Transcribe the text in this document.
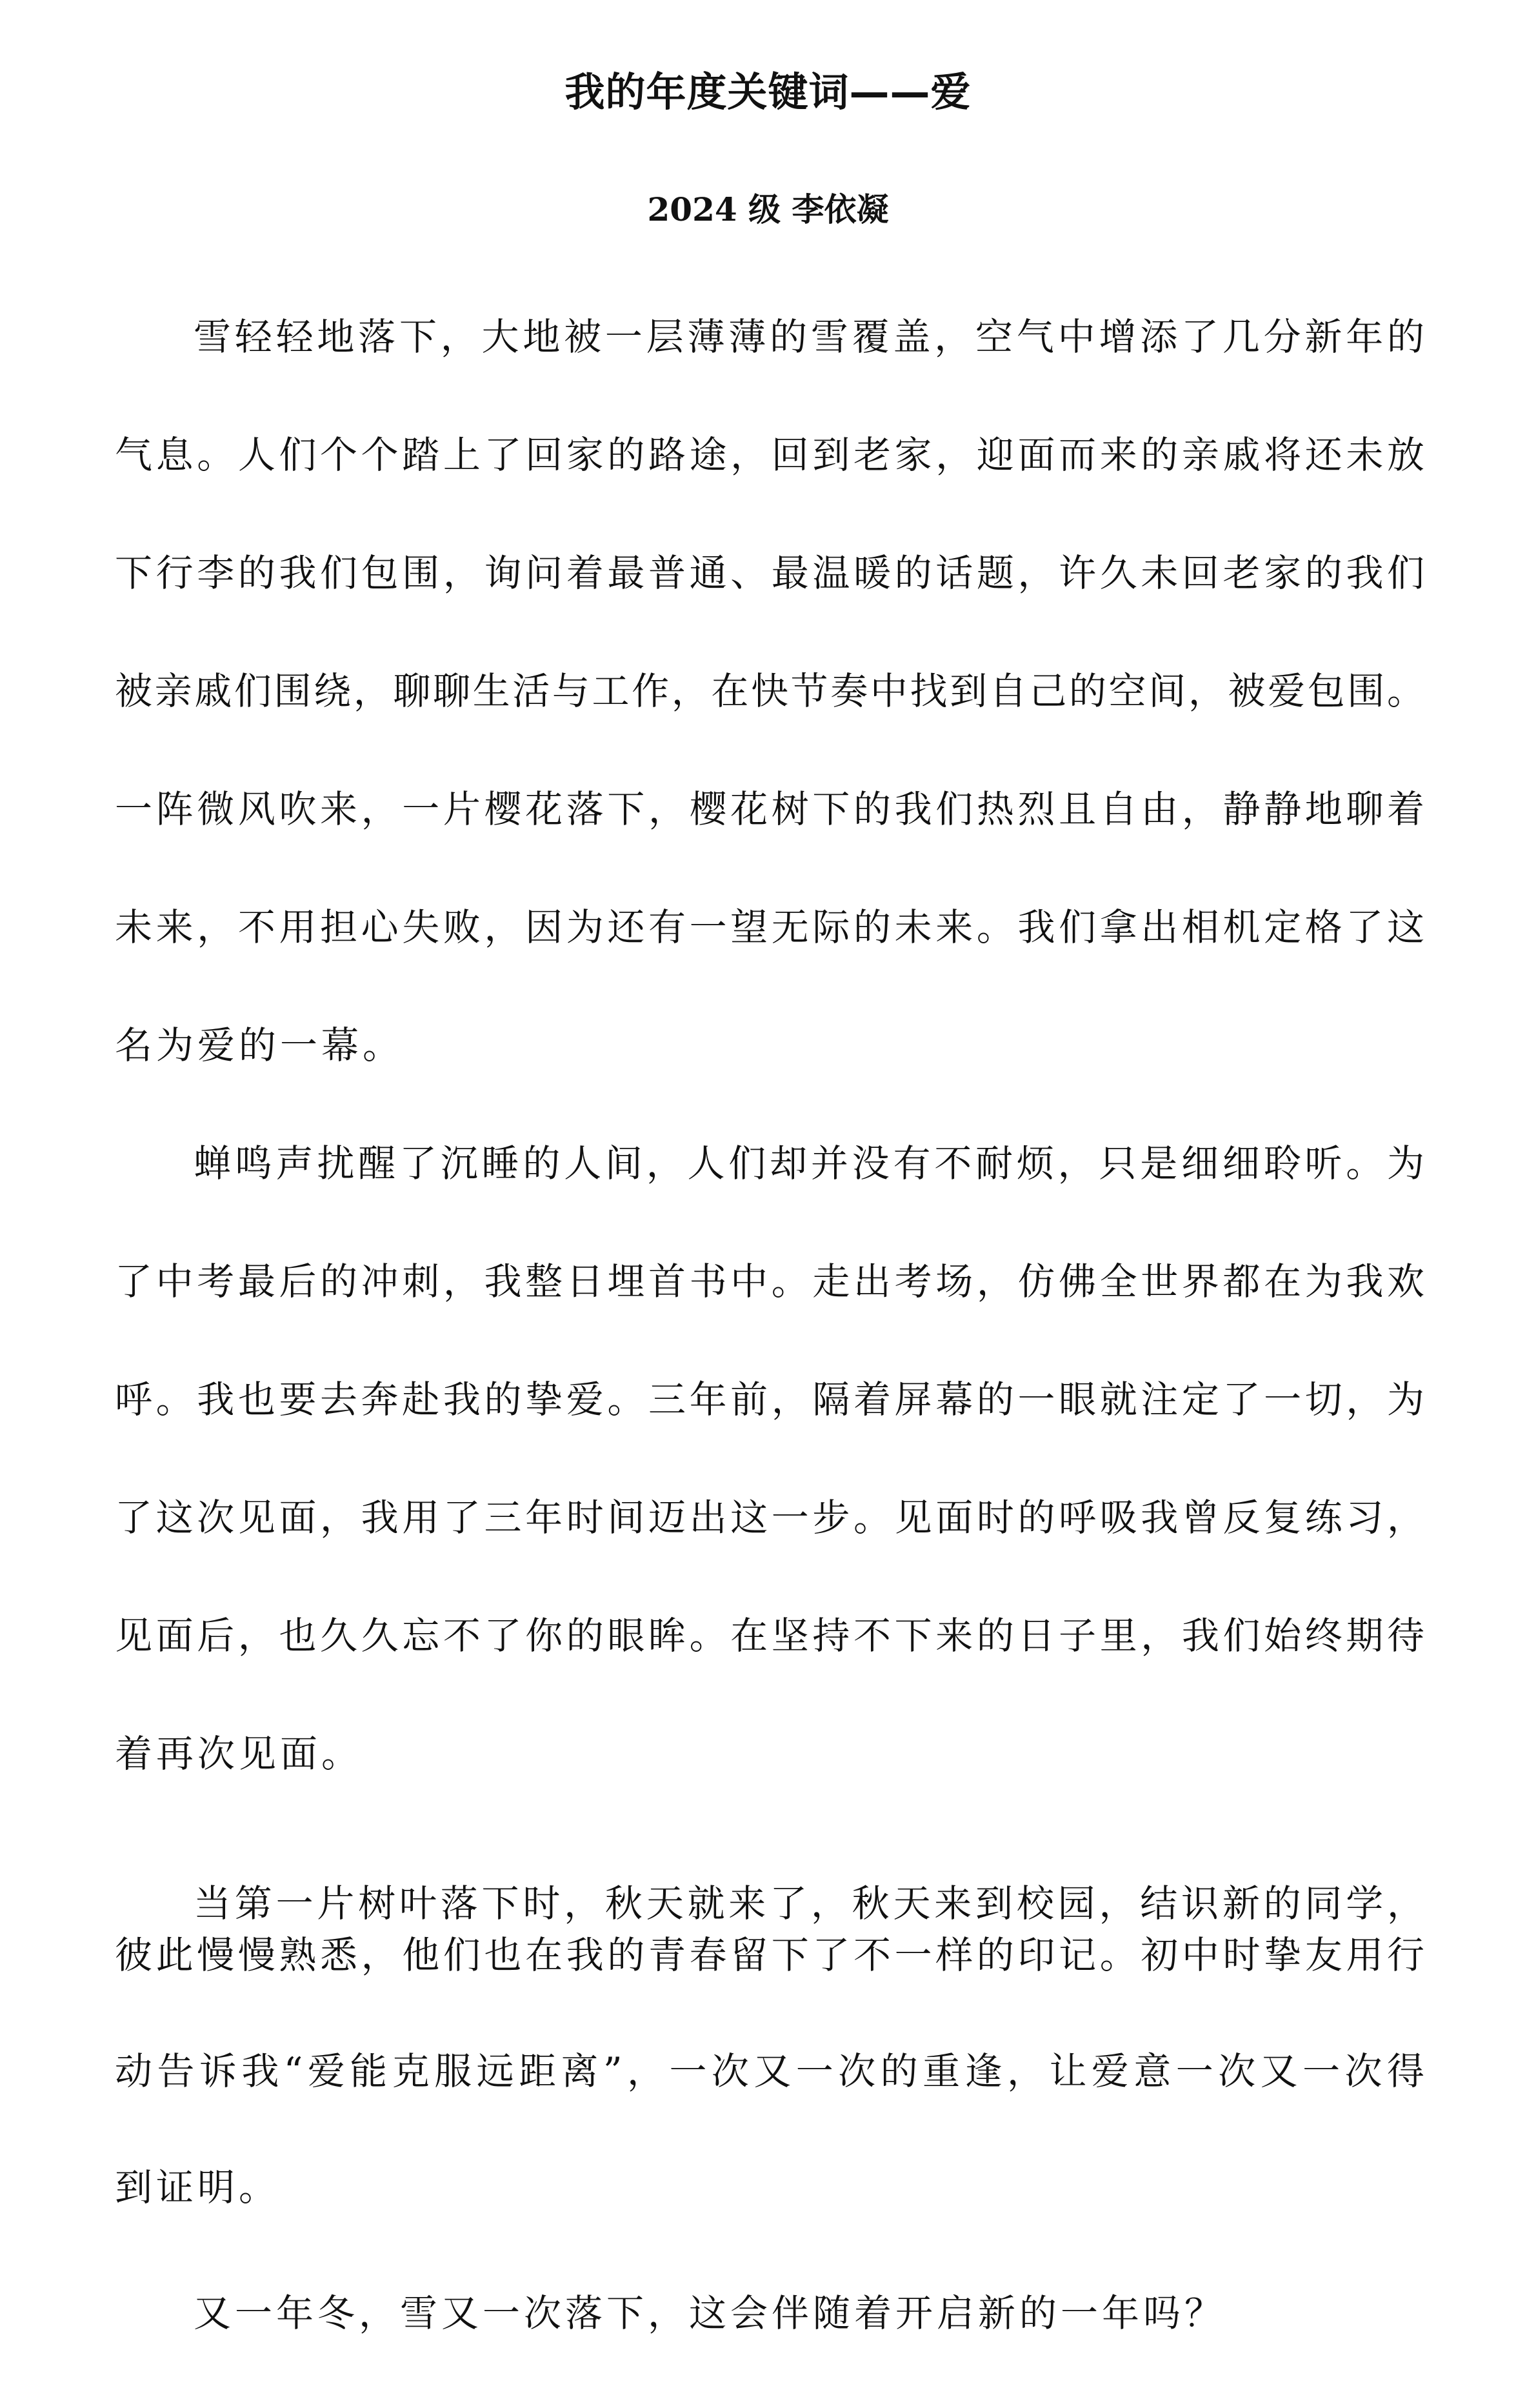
我的年度关键词——爱
2024 级 李依凝
雪轻轻地落下，大地被一层薄薄的雪覆盖，空气中增添了几分新年的
气息。人们个个踏上了回家的路途，回到老家，迎面而来的亲戚将还未放
下行李的我们包围，询问着最普通、最温暖的话题，许久未回老家的我们
被亲戚们围绕，聊聊生活与工作，在快节奏中找到自己的空间，被爱包围。
一阵微风吹来，一片樱花落下，樱花树下的我们热烈且自由，静静地聊着
未来，不用担心失败，因为还有一望无际的未来。我们拿出相机定格了这
名为爱的一幕。
蝉鸣声扰醒了沉睡的人间，人们却并没有不耐烦，只是细细聆听。为
了中考最后的冲刺，我整日埋首书中。走出考场，仿佛全世界都在为我欢
呼。我也要去奔赴我的挚爱。三年前，隔着屏幕的一眼就注定了一切，为
了这次见面，我用了三年时间迈出这一步。见面时的呼吸我曾反复练习，
见面后，也久久忘不了你的眼眸。在坚持不下来的日子里，我们始终期待
着再次见面。
当第一片树叶落下时，秋天就来了，秋天来到校园，结识新的同学，
彼此慢慢熟悉，他们也在我的青春留下了不一样的印记。初中时挚友用行
动告诉我“爱能克服远距离”，一次又一次的重逢，让爱意一次又一次得
到证明。
又一年冬，雪又一次落下，这会伴随着开启新的一年吗？
